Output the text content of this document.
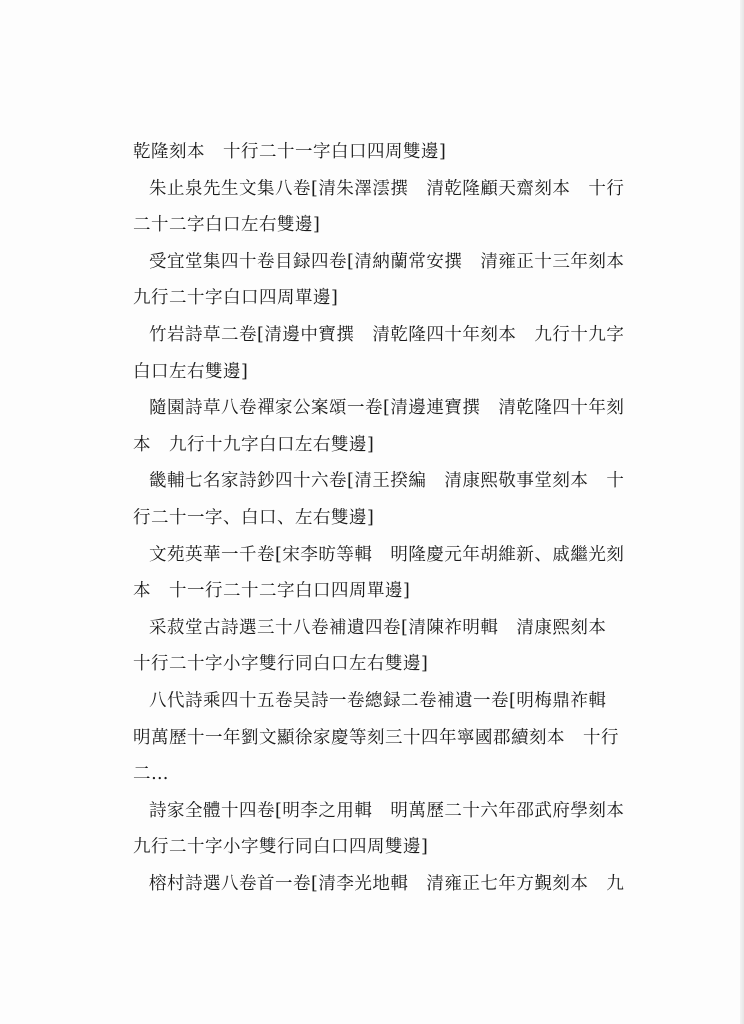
乾隆刻本　十行二十一字白口四周雙邊]
朱止泉先生文集八卷[清朱澤澐撰　清乾隆顧天齋刻本　十行
二十二字白口左右雙邊]
受宜堂集四十卷目録四卷[清納蘭常安撰　清雍正十三年刻本
九行二十字白口四周單邊]
竹岩詩草二卷[清邊中寶撰　清乾隆四十年刻本　九行十九字
白口左右雙邊]
隨園詩草八卷禪家公案頌一卷[清邊連寶撰　清乾隆四十年刻
本　九行十九字白口左右雙邊]
畿輔七名家詩鈔四十六卷[清王揆編　清康熙敬事堂刻本　十
行二十一字、白口、左右雙邊]
文苑英華一千卷[宋李昉等輯　明隆慶元年胡維新、戚繼光刻
本　十一行二十二字白口四周單邊]
采菽堂古詩選三十八卷補遺四卷[清陳祚明輯　清康熙刻本
十行二十字小字雙行同白口左右雙邊]
八代詩乘四十五卷吴詩一卷總録二卷補遺一卷[明梅鼎祚輯
明萬歷十一年劉文顯徐家慶等刻三十四年寧國郡續刻本　十行
二…
詩家全體十四卷[明李之用輯　明萬歷二十六年邵武府學刻本
九行二十字小字雙行同白口四周雙邊]
榕村詩選八卷首一卷[清李光地輯　清雍正七年方覲刻本　九
